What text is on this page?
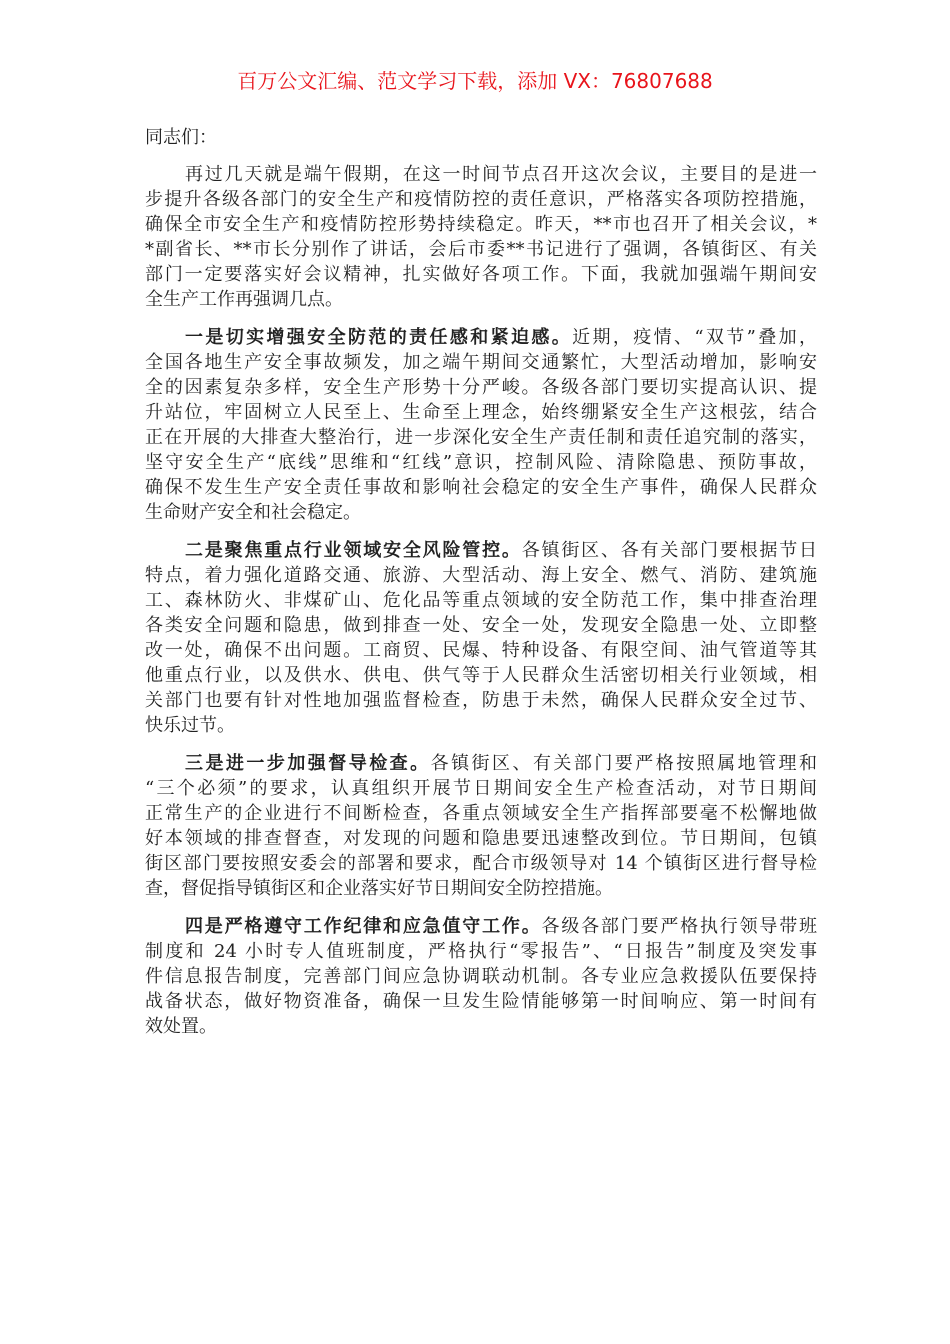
百万公文汇编、范文学习下载，添加 VX：76807688
同志们：
再过几天就是端午假期，在这一时间节点召开这次会议，主要目的是进一
步提升各级各部门的安全生产和疫情防控的责任意识，严格落实各项防控措施，
确保全市安全生产和疫情防控形势持续稳定。昨天，**市也召开了相关会议，*
*副省长、**市长分别作了讲话，会后市委**书记进行了强调，各镇街区、有关
部门一定要落实好会议精神，扎实做好各项工作。下面，我就加强端午期间安
全生产工作再强调几点。
一是切实增强安全防范的责任感和紧迫感。近期，疫情、“双节”叠加，
全国各地生产安全事故频发，加之端午期间交通繁忙，大型活动增加，影响安
全的因素复杂多样，安全生产形势十分严峻。各级各部门要切实提高认识、提
升站位，牢固树立人民至上、生命至上理念，始终绷紧安全生产这根弦，结合
正在开展的大排查大整治行，进一步深化安全生产责任制和责任追究制的落实，
坚守安全生产“底线”思维和“红线”意识，控制风险、清除隐患、预防事故，
确保不发生生产安全责任事故和影响社会稳定的安全生产事件，确保人民群众
生命财产安全和社会稳定。
二是聚焦重点行业领域安全风险管控。各镇街区、各有关部门要根据节日
特点，着力强化道路交通、旅游、大型活动、海上安全、燃气、消防、建筑施
工、森林防火、非煤矿山、危化品等重点领域的安全防范工作，集中排查治理
各类安全问题和隐患，做到排查一处、安全一处，发现安全隐患一处、立即整
改一处，确保不出问题。工商贸、民爆、特种设备、有限空间、油气管道等其
他重点行业，以及供水、供电、供气等于人民群众生活密切相关行业领域，相
关部门也要有针对性地加强监督检查，防患于未然，确保人民群众安全过节、
快乐过节。
三是进一步加强督导检查。各镇街区、有关部门要严格按照属地管理和
“三个必须”的要求，认真组织开展节日期间安全生产检查活动，对节日期间
正常生产的企业进行不间断检查，各重点领域安全生产指挥部要毫不松懈地做
好本领域的排查督查，对发现的问题和隐患要迅速整改到位。节日期间，包镇
街区部门要按照安委会的部署和要求，配合市级领导对 14 个镇街区进行督导检
查，督促指导镇街区和企业落实好节日期间安全防控措施。
四是严格遵守工作纪律和应急值守工作。各级各部门要严格执行领导带班
制度和 24 小时专人值班制度，严格执行“零报告”、“日报告”制度及突发事
件信息报告制度，完善部门间应急协调联动机制。各专业应急救援队伍要保持
战备状态，做好物资准备，确保一旦发生险情能够第一时间响应、第一时间有
效处置。
